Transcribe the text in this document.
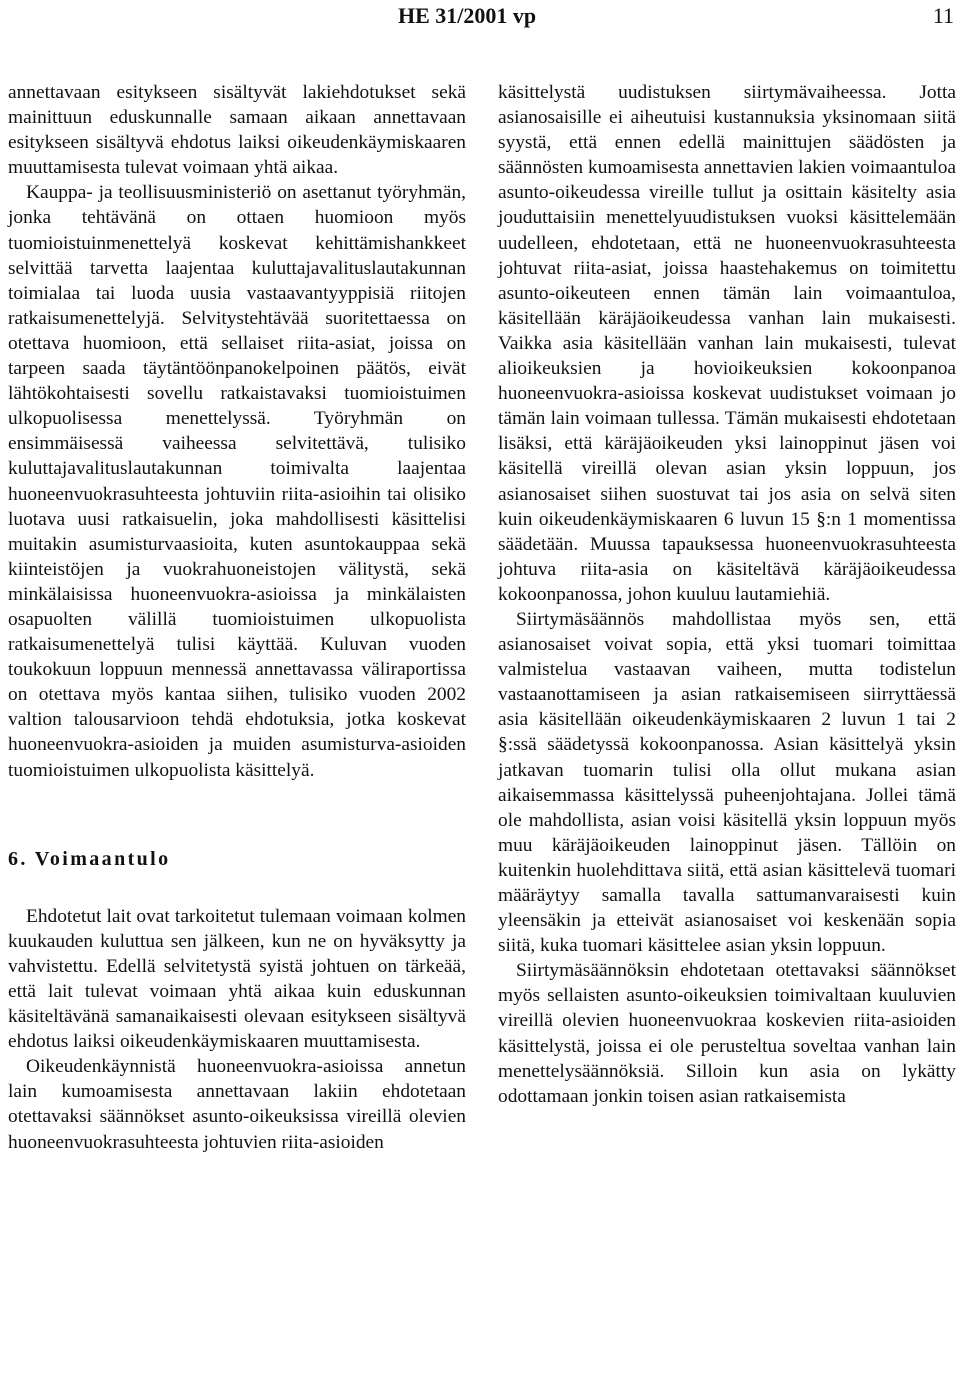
HE 31/2001 vp	11

annettavaan esitykseen sisältyvät lakiehdotukset sekä mainittuun eduskunnalle samaan aikaan annettavaan esitykseen sisältyvä ehdotus laiksi oikeudenkäymiskaaren muuttamisesta tulevat voimaan yhtä aikaa.

Kauppa- ja teollisuusministeriö on asettanut työryhmän, jonka tehtävänä on ottaen huomioon myös tuomioistuinmenettelyä koskevat kehittämishankkeet selvittää tarvetta laajentaa kuluttajavalituslautakunnan toimialaa tai luoda uusia vastaavantyyppisiä riitojen ratkaisumenettelyjä. Selvitystehtävää suoritettaessa on otettava huomioon, että sellaiset riita-asiat, joissa on tarpeen saada täytäntöönpanokelpoinen päätös, eivät lähtökohtaisesti sovellu ratkaistavaksi tuomioistuimen ulkopuolisessa menettelyssä. Työryhmän on ensimmäisessä vaiheessa selvitettävä, tulisiko kuluttajavalituslautakunnan toimivalta laajentaa huoneenvuokrasuhteesta johtuviin riita-asioihin tai olisiko luotava uusi ratkaisuelin, joka mahdollisesti käsittelisi muitakin asumisturvaasioita, kuten asuntokauppaa sekä kiinteistöjen ja vuokrahuoneistojen välitystä, sekä minkälaisissa huoneenvuokra-asioissa ja minkälaisten osapuolten välillä tuomioistuimen ulkopuolista ratkaisumenettelyä tulisi käyttää. Kuluvan vuoden toukokuun loppuun mennessä annettavassa väliraportissa on otettava myös kantaa siihen, tulisiko vuoden 2002 valtion talousarvioon tehdä ehdotuksia, jotka koskevat huoneenvuokra-asioiden ja muiden asumisturva-asioiden tuomioistuimen ulkopuolista käsittelyä.

6. Voimaantulo

Ehdotetut lait ovat tarkoitetut tulemaan voimaan kolmen kuukauden kuluttua sen jälkeen, kun ne on hyväksytty ja vahvistettu. Edellä selvitetystä syistä johtuen on tärkeää, että lait tulevat voimaan yhtä aikaa kuin eduskunnan käsiteltävänä samanaikaisesti olevaan esitykseen sisältyvä ehdotus laiksi oikeudenkäymiskaaren muuttamisesta.

Oikeudenkäynnistä huoneenvuokra-asioissa annetun lain kumoamisesta annettavaan lakiin ehdotetaan otettavaksi säännökset asunto-oikeuksissa vireillä olevien huoneenvuokrasuhteesta johtuvien riita-asioiden

käsittelystä uudistuksen siirtymävaiheessa. Jotta asianosaisille ei aiheutuisi kustannuksia yksinomaan siitä syystä, että ennen edellä mainittujen säädösten ja säännösten kumoamisesta annettavien lakien voimaantuloa asunto-oikeudessa vireille tullut ja osittain käsitelty asia jouduttaisiin menettelyuudistuksen vuoksi käsittelemään uudelleen, ehdotetaan, että ne huoneenvuokrasuhteesta johtuvat riita-asiat, joissa haastehakemus on toimitettu asunto-oikeuteen ennen tämän lain voimaantuloa, käsitellään käräjäoikeudessa vanhan lain mukaisesti. Vaikka asia käsitellään vanhan lain mukaisesti, tulevat alioikeuksien ja hovioikeuksien kokoonpanoa huoneenvuokra-asioissa koskevat uudistukset voimaan jo tämän lain voimaan tullessa. Tämän mukaisesti ehdotetaan lisäksi, että käräjäoikeuden yksi lainoppinut jäsen voi käsitellä vireillä olevan asian yksin loppuun, jos asianosaiset siihen suostuvat tai jos asia on selvä siten kuin oikeudenkäymiskaaren 6 luvun 15 §:n 1 momentissa säädetään. Muussa tapauksessa huoneenvuokrasuhteesta johtuva riita-asia on käsiteltävä käräjäoikeudessa kokoonpanossa, johon kuuluu lautamiehiä.

Siirtymäsäännös mahdollistaa myös sen, että asianosaiset voivat sopia, että yksi tuomari toimittaa valmistelua vastaavan vaiheen, mutta todistelun vastaanottamiseen ja asian ratkaisemiseen siirryttäessä asia käsitellään oikeudenkäymiskaaren 2 luvun 1 tai 2 §:ssä säädetyssä kokoonpanossa. Asian käsittelyä yksin jatkavan tuomarin tulisi olla ollut mukana asian aikaisemmassa käsittelyssä puheenjohtajana. Jollei tämä ole mahdollista, asian voisi käsitellä yksin loppuun myös muu käräjäoikeuden lainoppinut jäsen. Tällöin on kuitenkin huolehdittava siitä, että asian käsittelevä tuomari määräytyy samalla tavalla sattumanvaraisesti kuin yleensäkin ja etteivät asianosaiset voi keskenään sopia siitä, kuka tuomari käsittelee asian yksin loppuun.

Siirtymäsäännöksin ehdotetaan otettavaksi säännökset myös sellaisten asunto-oikeuksien toimivaltaan kuuluvien vireillä olevien huoneenvuokraa koskevien riita-asioiden käsittelystä, joissa ei ole perusteltua soveltaa vanhan lain menettelysäännöksiä. Silloin kun asia on lykätty odottamaan jonkin toisen asian ratkaisemista
